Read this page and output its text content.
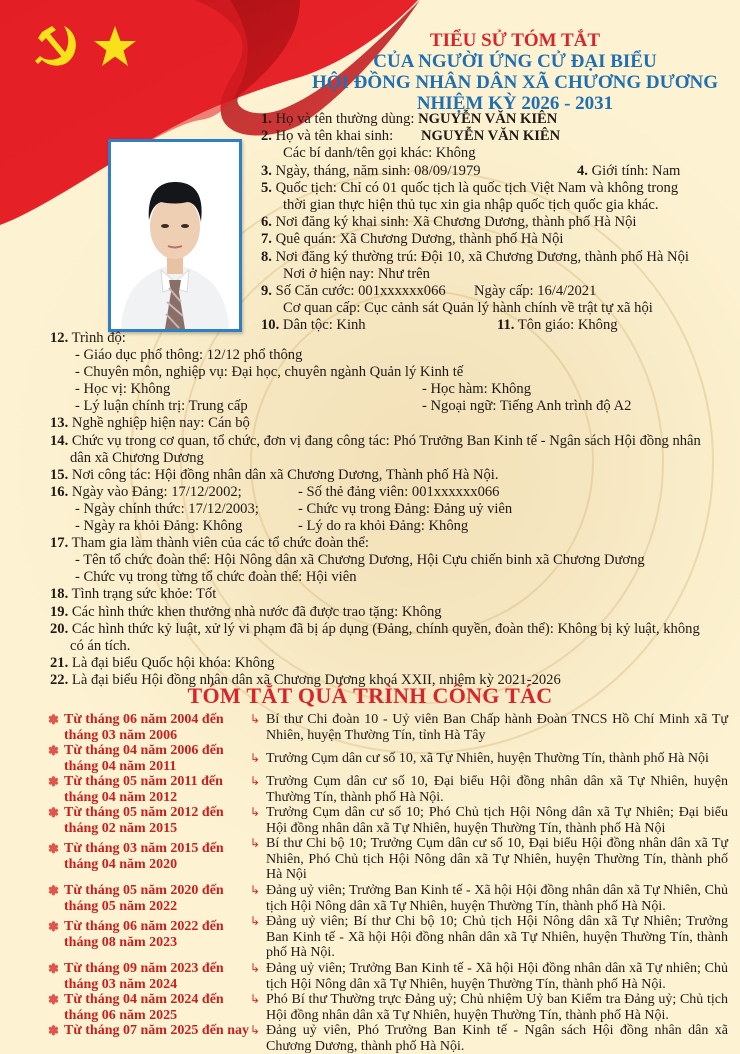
TIỂU SỬ TÓM TẮT
CỦA NGƯỜI ỨNG CỬ ĐẠI BIỂU
HỘI ĐỒNG NHÂN DÂN XÃ CHƯƠNG DƯƠNG
NHIỆM KỲ 2026 - 2031
1. Họ và tên thường dùng: NGUYỄN VĂN KIÊN
2. Họ và tên khai sinh: NGUYỄN VĂN KIÊN
Các bí danh/tên gọi khác: Không
3. Ngày, tháng, năm sinh: 08/09/1979	4. Giới tính: Nam
5. Quốc tịch: Chỉ có 01 quốc tịch là quốc tịch Việt Nam và không trong
thời gian thực hiện thủ tục xin gia nhập quốc tịch quốc gia khác.
6. Nơi đăng ký khai sinh: Xã Chương Dương, thành phố Hà Nội
7. Quê quán: Xã Chương Dương, thành phố Hà Nội
8. Nơi đăng ký thường trú: Đội 10, xã Chương Dương, thành phố Hà Nội
Nơi ở hiện nay: Như trên
9. Số Căn cước: 001xxxxxx066 Ngày cấp: 16/4/2021
Cơ quan cấp: Cục cảnh sát Quản lý hành chính về trật tự xã hội
10. Dân tộc: Kinh	11. Tôn giáo: Không
12. Trình độ:
- Giáo dục phổ thông: 12/12 phổ thông
- Chuyên môn, nghiệp vụ: Đại học, chuyên ngành Quản lý Kinh tế
- Học vị: Không	- Học hàm: Không
- Lý luận chính trị: Trung cấp	- Ngoại ngữ: Tiếng Anh trình độ A2
13. Nghề nghiệp hiện nay: Cán bộ
14. Chức vụ trong cơ quan, tổ chức, đơn vị đang công tác: Phó Trưởng Ban Kinh tế - Ngân sách Hội đồng nhân
dân xã Chương Dương
15. Nơi công tác: Hội đồng nhân dân xã Chương Dương, Thành phố Hà Nội.
16. Ngày vào Đảng: 17/12/2002;	- Số thẻ đảng viên: 001xxxxxx066
- Ngày chính thức: 17/12/2003;	- Chức vụ trong Đảng: Đảng uỷ viên
- Ngày ra khỏi Đảng: Không	- Lý do ra khỏi Đảng: Không
17. Tham gia làm thành viên của các tổ chức đoàn thể:
- Tên tổ chức đoàn thể: Hội Nông dân xã Chương Dương, Hội Cựu chiến binh xã Chương Dương
- Chức vụ trong từng tổ chức đoàn thể: Hội viên
18. Tình trạng sức khỏe: Tốt
19. Các hình thức khen thưởng nhà nước đã được trao tặng: Không
20. Các hình thức kỷ luật, xử lý vi phạm đã bị áp dụng (Đảng, chính quyền, đoàn thể): Không bị kỷ luật, không
có án tích.
21. Là đại biểu Quốc hội khóa: Không
22. Là đại biểu Hội đồng nhân dân xã Chương Dương khoá XXII, nhiệm kỳ 2021-2026
TÓM TẮT QUÁ TRÌNH CÔNG TÁC
✽ Từ tháng 06 năm 2004 đến tháng 03 năm 2006
↳ Bí thư Chi đoàn 10 - Uỷ viên Ban Chấp hành Đoàn TNCS Hồ Chí Minh xã Tự Nhiên, huyện Thường Tín, tỉnh Hà Tây
✽ Từ tháng 04 năm 2006 đến tháng 04 năm 2011
↳ Trưởng Cụm dân cư số 10, xã Tự Nhiên, huyện Thường Tín, thành phố Hà Nội
✽ Từ tháng 05 năm 2011 đến tháng 04 năm 2012
↳ Trưởng Cụm dân cư số 10, Đại biểu Hội đồng nhân dân xã Tự Nhiên, huyện Thường Tín, thành phố Hà Nội.
✽ Từ tháng 05 năm 2012 đến tháng 02 năm 2015
↳ Trưởng Cụm dân cư số 10; Phó Chủ tịch Hội Nông dân xã Tự Nhiên; Đại biểu Hội đồng nhân dân xã Tự Nhiên, huyện Thường Tín, thành phố Hà Nội
✽ Từ tháng 03 năm 2015 đến tháng 04 năm 2020
↳ Bí thư Chi bộ 10; Trưởng Cụm dân cư số 10, Đại biểu Hội đồng nhân dân xã Tự Nhiên, Phó Chủ tịch Hội Nông dân xã Tự Nhiên, huyện Thường Tín, thành phố Hà Nội
✽ Từ tháng 05 năm 2020 đến tháng 05 năm 2022
↳ Đảng uỷ viên; Trưởng Ban Kinh tế - Xã hội Hội đồng nhân dân xã Tự Nhiên, Chủ tịch Hội Nông dân xã Tự Nhiên, huyện Thường Tín, thành phố Hà Nội.
✽ Từ tháng 06 năm 2022 đến tháng 08 năm 2023
↳ Đảng uỷ viên; Bí thư Chi bộ 10; Chủ tịch Hội Nông dân xã Tự Nhiên; Trưởng Ban Kinh tế - Xã hội Hội đồng nhân dân xã Tự Nhiên, huyện Thường Tín, thành phố Hà Nội.
✽ Từ tháng 09 năm 2023 đến tháng 03 năm 2024
↳ Đảng uỷ viên; Trưởng Ban Kinh tế - Xã hội Hội đồng nhân dân xã Tự nhiên; Chủ tịch Hội Nông dân xã Tự Nhiên, huyện Thường Tín, thành phố Hà Nội.
✽ Từ tháng 04 năm 2024 đến tháng 06 năm 2025
↳ Phó Bí thư Thường trực Đảng uỷ; Chủ nhiệm Uỷ ban Kiểm tra Đảng uỷ; Chủ tịch Hội đồng nhân dân xã Tự Nhiên, huyện Thường Tín, thành phố Hà Nội.
✽ Từ tháng 07 năm 2025 đến nay ↳ Đảng uỷ viên, Phó Trưởng Ban Kinh tế - Ngân sách Hội đồng nhân dân xã Chương Dương, thành phố Hà Nội.
